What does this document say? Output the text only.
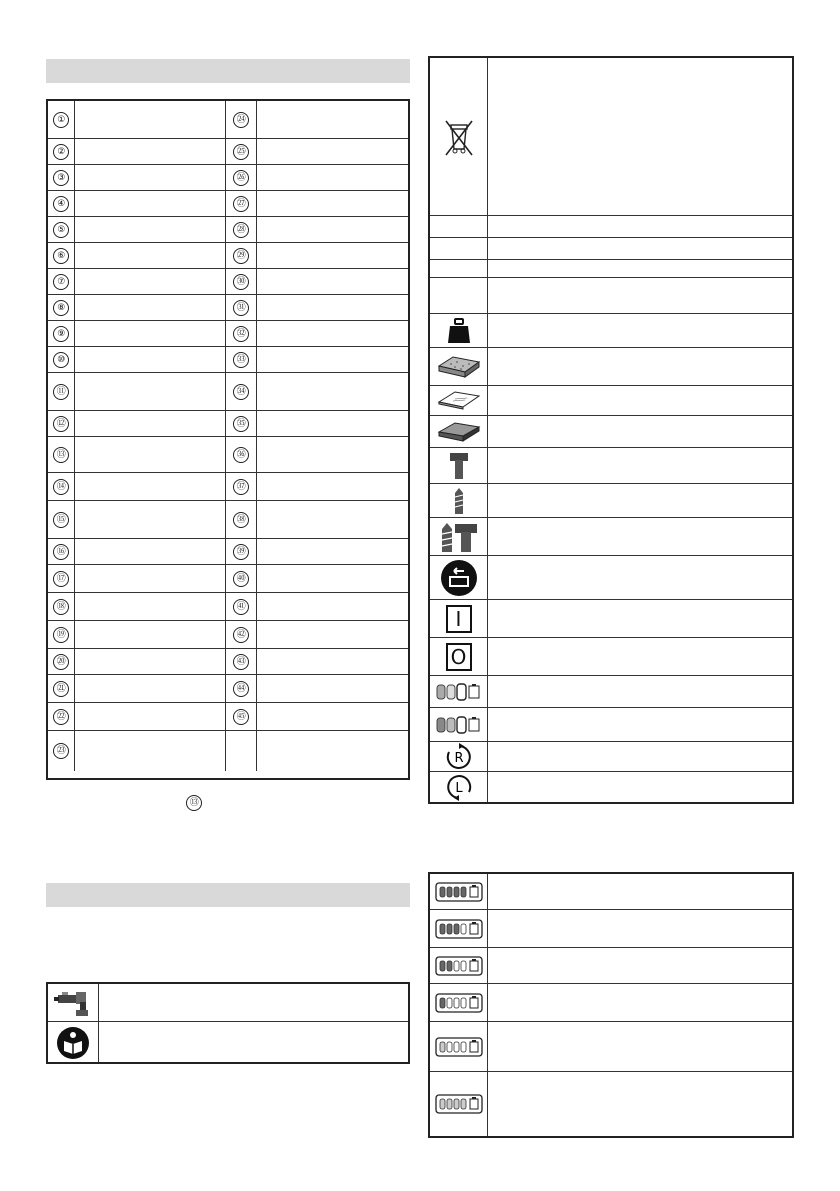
①	㉔
②	㉕
③	㉖
④	㉗
⑤	㉘
⑥	㉙
⑦	㉚
⑧	㉛
⑨	㉜
⑩	㉝
⑪	㉞
⑫	㉟
⑬	㊱
⑭	㊲
⑮	㊳
⑯	㊴
⑰	㊵
⑱	㊶
⑲	㊷
⑳	㊸
㉑	㊹
㉒	㊺
㉓
⑬
I
O
R
L
